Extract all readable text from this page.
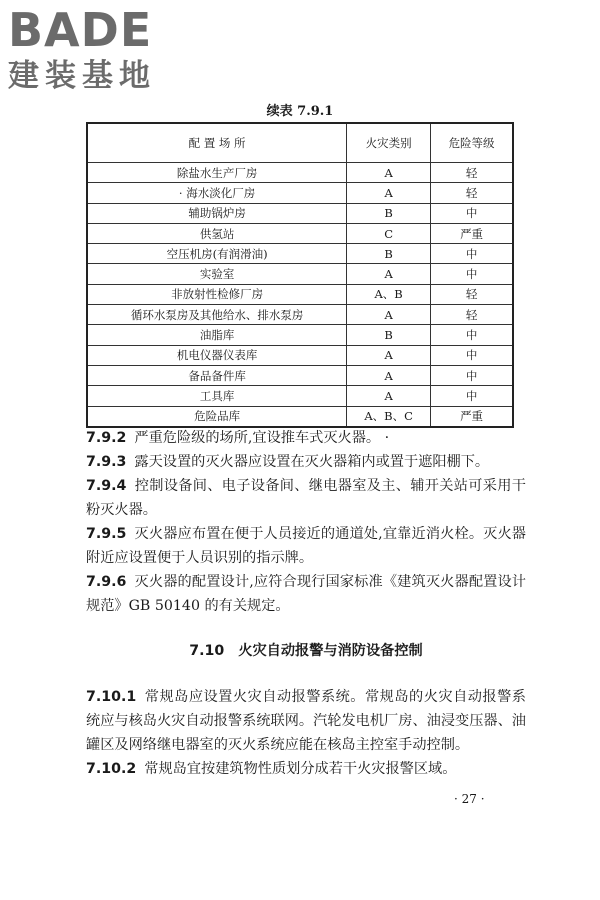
BADE
建装基地
续表 7.9.1
配 置 场 所	火灾类别	危险等级
除盐水生产厂房	A	轻
· 海水淡化厂房	A	轻
辅助锅炉房	B	中
供氢站	C	严重
空压机房(有润滑油)	B	中
实验室	A	中
非放射性检修厂房	A、B	轻
循环水泵房及其他给水、排水泵房	A	轻
油脂库	B	中
机电仪器仪表库	A	中
备品备件库	A	中
工具库	A	中
危险品库	A、B、C	严重

7.9.2 严重危险级的场所,宜设推车式灭火器。 ·

7.9.3 露天设置的灭火器应设置在灭火器箱内或置于遮阳棚下。

7.9.4 控制设备间、电子设备间、继电器室及主、辅开关站可采用干粉灭火器。

7.9.5 灭火器应布置在便于人员接近的通道处,宜靠近消火栓。灭火器附近应设置便于人员识别的指示牌。

7.9.6 灭火器的配置设计,应符合现行国家标准《建筑灭火器配置设计规范》GB 50140 的有关规定。

7.10 火灾自动报警与消防设备控制

7.10.1 常规岛应设置火灾自动报警系统。常规岛的火灾自动报警系统应与核岛火灾自动报警系统联网。汽轮发电机厂房、油浸变压器、油罐区及网络继电器室的灭火系统应能在核岛主控室手动控制。

7.10.2 常规岛宜按建筑物性质划分成若干火灾报警区域。

· 27 ·
